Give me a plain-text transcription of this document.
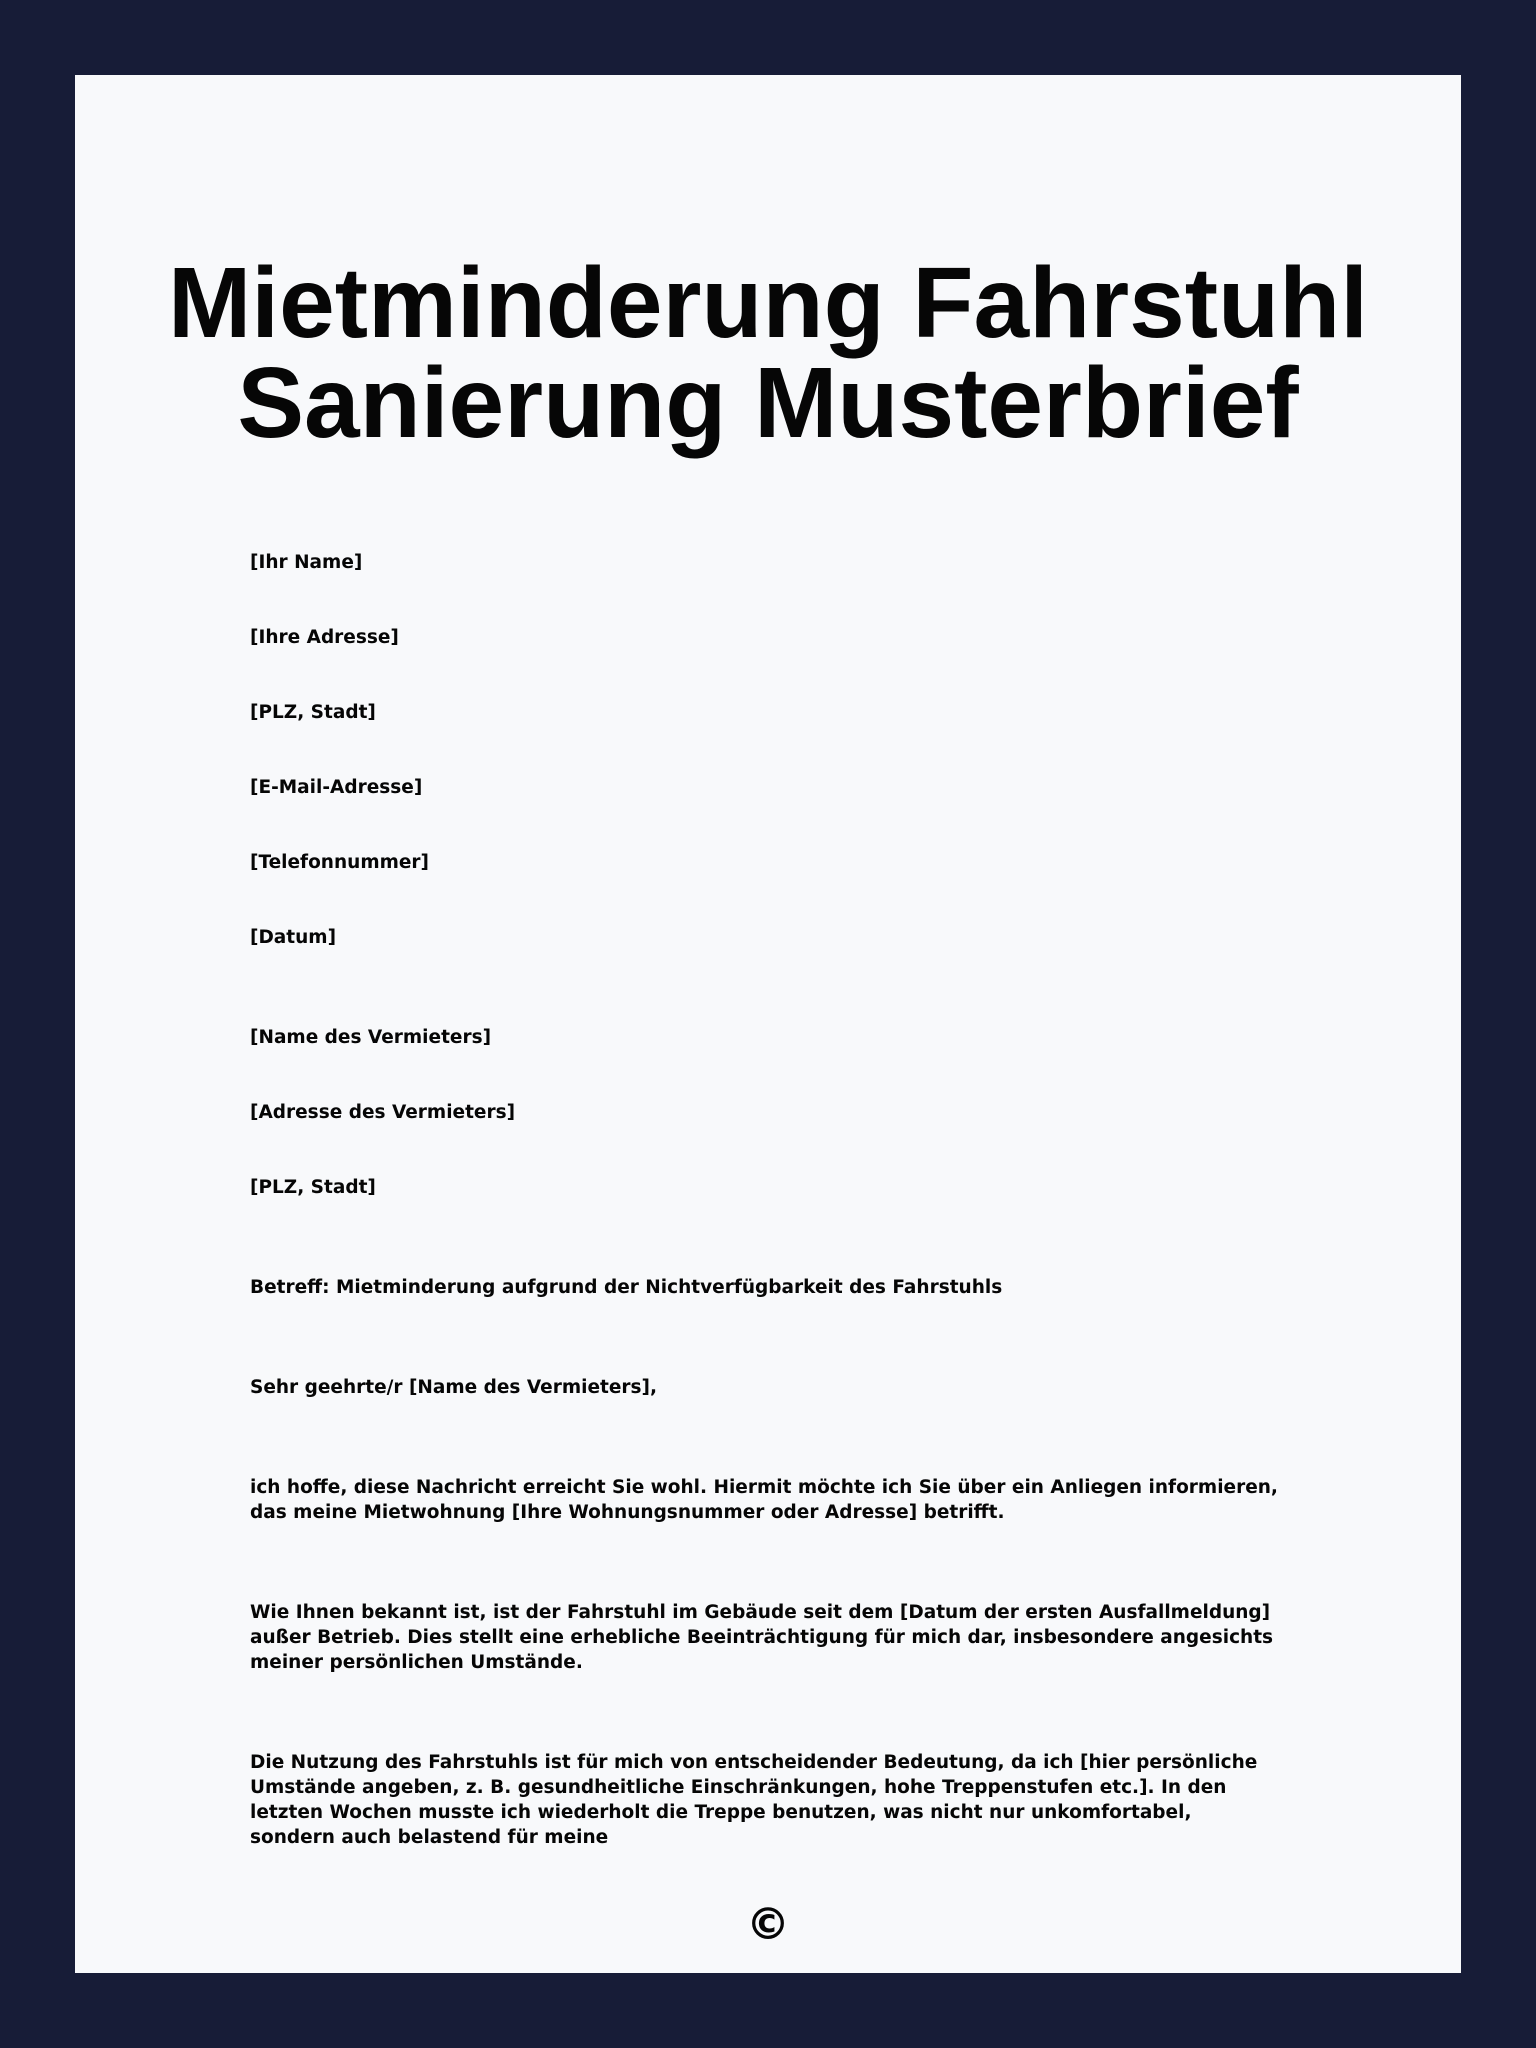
Mietminderung Fahrstuhl
Sanierung Musterbrief

[Ihr Name]

[Ihre Adresse]

[PLZ, Stadt]

[E-Mail-Adresse]

[Telefonnummer]

[Datum]

[Name des Vermieters]

[Adresse des Vermieters]

[PLZ, Stadt]

Betreff: Mietminderung aufgrund der Nichtverfügbarkeit des Fahrstuhls

Sehr geehrte/r [Name des Vermieters],

ich hoffe, diese Nachricht erreicht Sie wohl. Hiermit möchte ich Sie über ein Anliegen informieren, das meine Mietwohnung [Ihre Wohnungsnummer oder Adresse] betrifft.

Wie Ihnen bekannt ist, ist der Fahrstuhl im Gebäude seit dem [Datum der ersten Ausfallmeldung] außer Betrieb. Dies stellt eine erhebliche Beeinträchtigung für mich dar, insbesondere angesichts meiner persönlichen Umstände.

Die Nutzung des Fahrstuhls ist für mich von entscheidender Bedeutung, da ich [hier persönliche Umstände angeben, z. B. gesundheitliche Einschränkungen, hohe Treppenstufen etc.]. In den letzten Wochen musste ich wiederholt die Treppe benutzen, was nicht nur unkomfortabel, sondern auch belastend für meine

©
